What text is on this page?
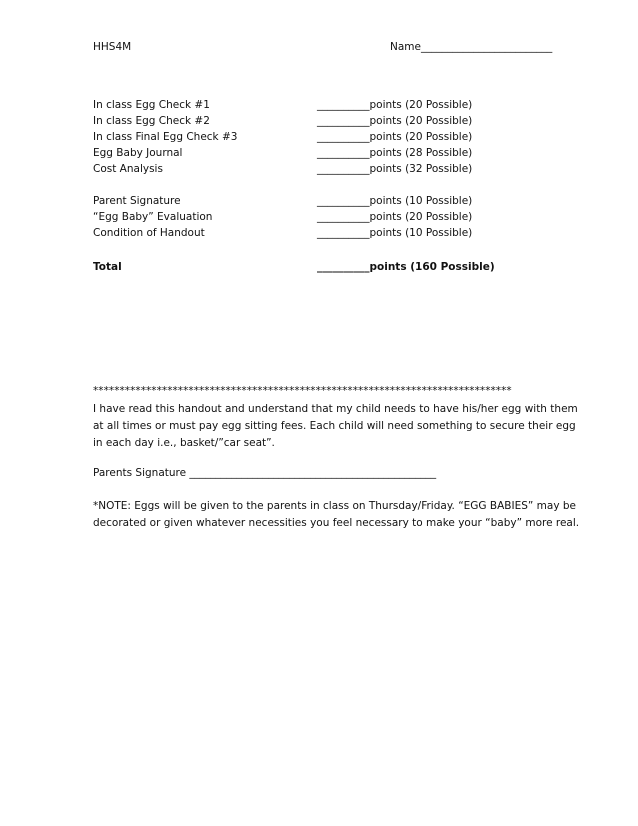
HHS4M	Name_________________________
In class Egg Check #1	__________points (20 Possible)
In class Egg Check #2	__________points (20 Possible)
In class Final Egg Check #3	__________points (20 Possible)
Egg Baby Journal	__________points (28 Possible)
Cost Analysis	__________points (32 Possible)
Parent Signature	__________points (10 Possible)
“Egg Baby” Evaluation	__________points (20 Possible)
Condition of Handout	__________points (10 Possible)
Total	__________points (160 Possible)
*******************************************************************************
I have read this handout and understand that my child needs to have his/her egg with them at all times or must pay egg sitting fees. Each child will need something to secure their egg in each day i.e., basket/”car seat”.
Parents Signature _______________________________________________
*NOTE: Eggs will be given to the parents in class on Thursday/Friday. “EGG BABIES” may be decorated or given whatever necessities you feel necessary to make your “baby” more real.
